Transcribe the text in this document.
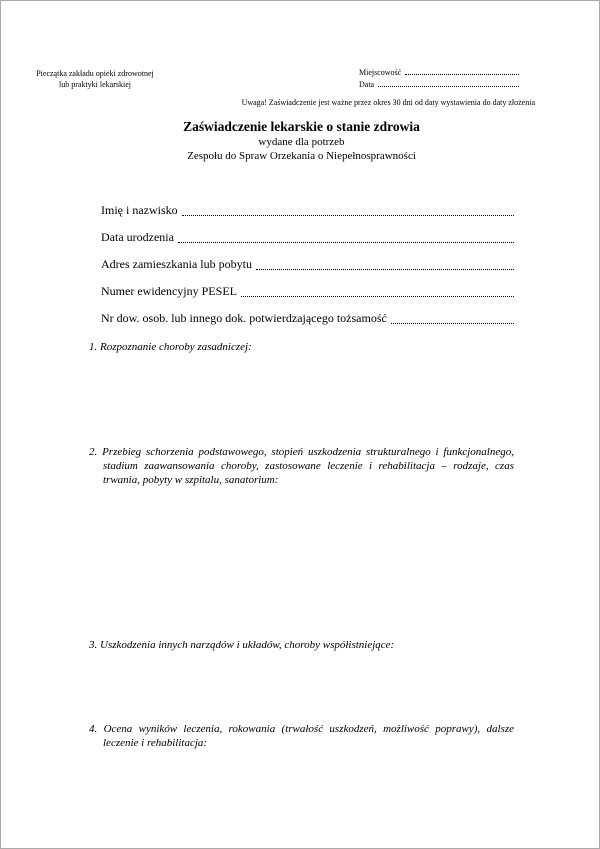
Pieczątka zakładu opieki zdrowotnej
lub praktyki lekarskiej
Miejscowość
Data
Uwaga! Zaświadczenie jest ważne przez okres 30 dni od daty wystawienia do daty złożenia
Zaświadczenie lekarskie o stanie zdrowia
wydane dla potrzeb
Zespołu do Spraw Orzekania o Niepełnosprawności
Imię i nazwisko
Data urodzenia
Adres zamieszkania lub pobytu
Numer ewidencyjny PESEL
Nr dow. osob. lub innego dok. potwierdzającego tożsamość

1. Rozpoznanie choroby zasadniczej:

2. Przebieg schorzenia podstawowego, stopień uszkodzenia strukturalnego i funkcjonalnego, stadium zaawansowania choroby, zastosowane leczenie i rehabilitacja – rodzaje, czas trwania, pobyty w szpitalu, sanatorium:

3. Uszkodzenia innych narządów i układów, choroby współistniejące:

4. Ocena wyników leczenia, rokowania (trwałość uszkodzeń, możliwość poprawy), dalsze leczenie i rehabilitacja:
